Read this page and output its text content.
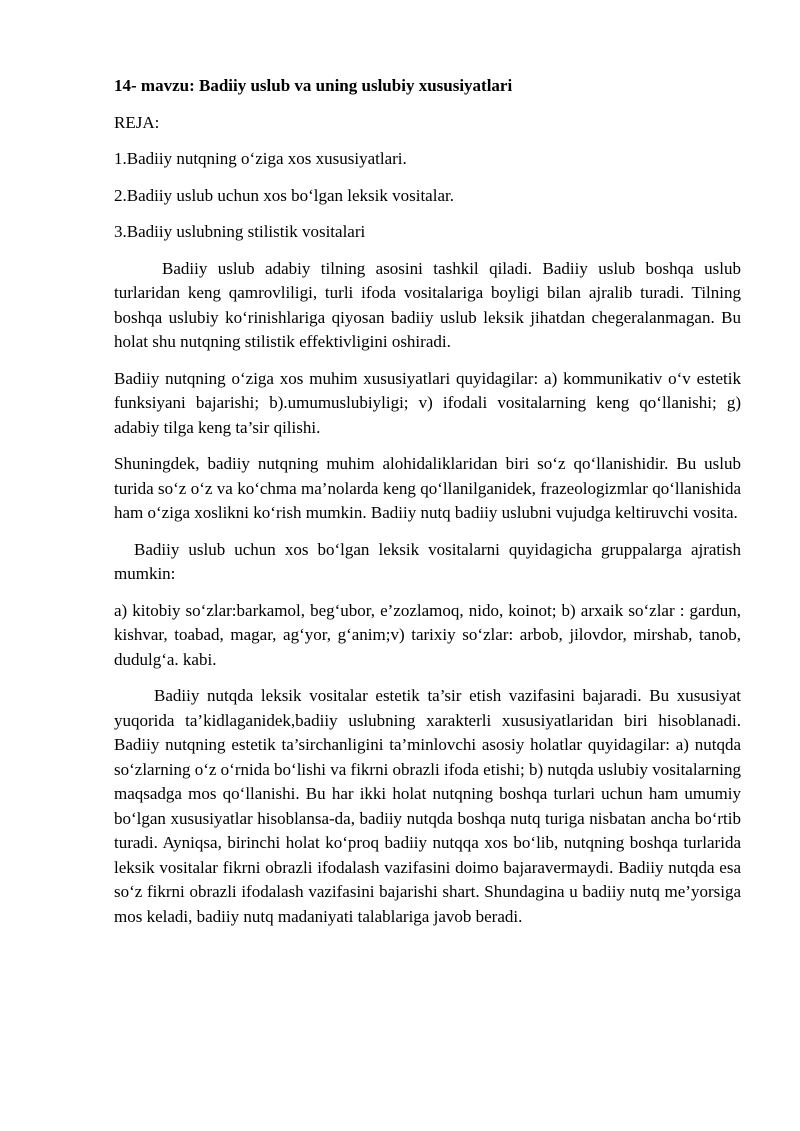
14- mavzu: Badiiy uslub va uning uslubiy xususiyatlari
REJA:
1.Badiiy nutqning o‘ziga xos xususiyatlari.
2.Badiiy uslub uchun xos bo‘lgan leksik vositalar.
3.Badiiy uslubning stilistik vositalari

Badiiy uslub adabiy tilning asosini tashkil qiladi. Badiiy uslub boshqa uslub turlaridan keng qamrovliligi, turli ifoda vositalariga boyligi bilan ajralib turadi. Tilning boshqa uslubiy ko‘rinishlariga qiyosan badiiy uslub leksik jihatdan chegeralanmagan. Bu holat shu nutqning stilistik effektivligini oshiradi.

Badiiy nutqning o‘ziga xos muhim xususiyatlari quyidagilar: a) kommunikativ o‘v estetik funksiyani bajarishi; b).umumuslubiyligi; v) ifodali vositalarning keng qo‘llanishi; g) adabiy tilga keng ta’sir qilishi.

Shuningdek, badiiy nutqning muhim alohidaliklaridan biri so‘z qo‘llanishidir. Bu uslub turida so‘z o‘z va ko‘chma ma’nolarda keng qo‘llanilganidek, frazeologizmlar qo‘llanishida ham o‘ziga xoslikni ko‘rish mumkin. Badiiy nutq badiiy uslubni vujudga keltiruvchi vosita.

Badiiy uslub uchun xos bo‘lgan leksik vositalarni quyidagicha gruppalarga ajratish mumkin:

a) kitobiy so‘zlar:barkamol, beg‘ubor, e’zozlamoq, nido, koinot; b) arxaik so‘zlar : gardun, kishvar, toabad, magar, ag‘yor, g‘anim;v) tarixiy so‘zlar: arbob, jilovdor, mirshab, tanob, dudulg‘a. kabi.

Badiiy nutqda leksik vositalar estetik ta’sir etish vazifasini bajaradi. Bu xususiyat yuqorida ta’kidlaganidek,badiiy uslubning xarakterli xususiyatlaridan biri hisoblanadi. Badiiy nutqning estetik ta’sirchanligini ta’minlovchi asosiy holatlar quyidagilar: a) nutqda so‘zlarning o‘z o‘rnida bo‘lishi va fikrni obrazli ifoda etishi; b) nutqda uslubiy vositalarning maqsadga mos qo‘llanishi. Bu har ikki holat nutqning boshqa turlari uchun ham umumiy bo‘lgan xususiyatlar hisoblansa-da, badiiy nutqda boshqa nutq turiga nisbatan ancha bo‘rtib turadi. Ayniqsa, birinchi holat ko‘proq badiiy nutqqa xos bo‘lib, nutqning boshqa turlarida leksik vositalar fikrni obrazli ifodalash vazifasini doimo bajaravermaydi. Badiiy nutqda esa so‘z fikrni obrazli ifodalash vazifasini bajarishi shart. Shundagina u badiiy nutq me’yorsiga mos keladi, badiiy nutq madaniyati talablariga javob beradi.
